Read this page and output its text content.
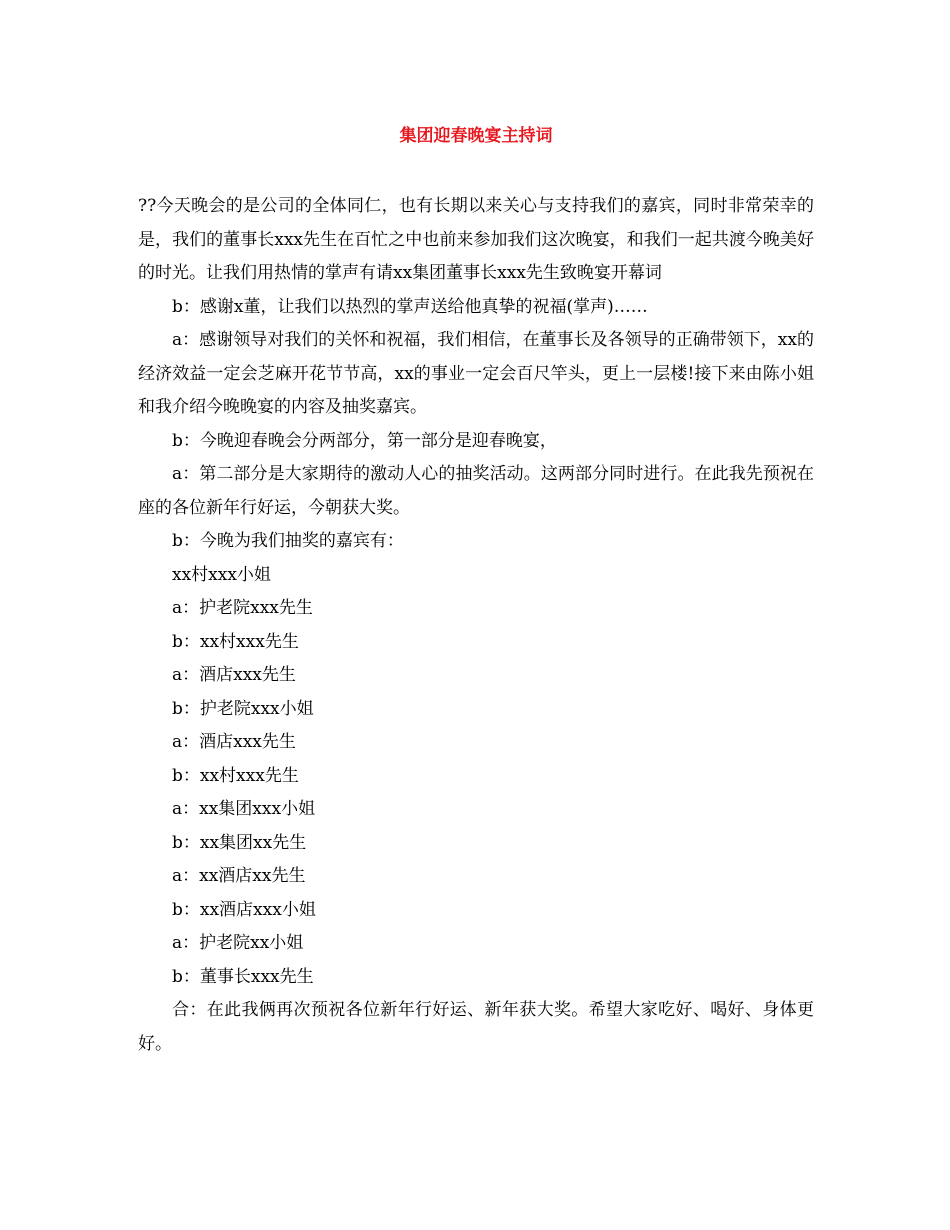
集团迎春晚宴主持词

??今天晚会的是公司的全体同仁，也有长期以来关心与支持我们的嘉宾，同时非常荣幸的是，我们的董事长xxx先生在百忙之中也前来参加我们这次晚宴，和我们一起共渡今晚美好的时光。让我们用热情的掌声有请xx集团董事长xxx先生致晚宴开幕词

b：感谢x董，让我们以热烈的掌声送给他真挚的祝福(掌声)……

a：感谢领导对我们的关怀和祝福，我们相信，在董事长及各领导的正确带领下，xx的经济效益一定会芝麻开花节节高，xx的事业一定会百尺竿头，更上一层楼!接下来由陈小姐和我介绍今晚晚宴的内容及抽奖嘉宾。

b：今晚迎春晚会分两部分，第一部分是迎春晚宴，

a：第二部分是大家期待的激动人心的抽奖活动。这两部分同时进行。在此我先预祝在座的各位新年行好运，今朝获大奖。

b：今晚为我们抽奖的嘉宾有：

xx村xxx小姐

a：护老院xxx先生

b：xx村xxx先生

a：酒店xxx先生

b：护老院xxx小姐

a：酒店xxx先生

b：xx村xxx先生

a：xx集团xxx小姐

b：xx集团xx先生

a：xx酒店xx先生

b：xx酒店xxx小姐

a：护老院xx小姐

b：董事长xxx先生

合：在此我俩再次预祝各位新年行好运、新年获大奖。希望大家吃好、喝好、身体更好。
